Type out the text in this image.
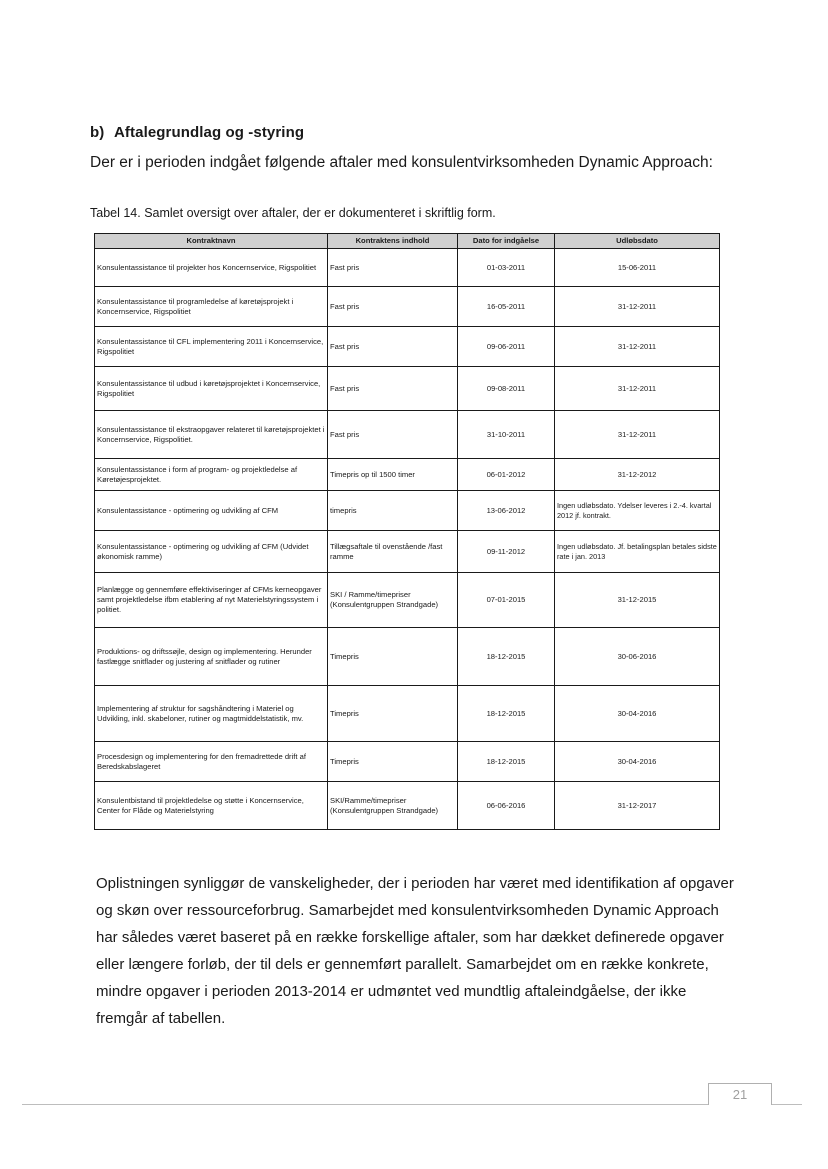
b) Aftalegrundlag og -styring
Der er i perioden indgået følgende aftaler med konsulentvirksomheden Dynamic Approach:
Tabel 14. Samlet oversigt over aftaler, der er dokumenteret i skriftlig form.
Kontraktnavn	Kontraktens indhold	Dato for indgåelse	Udløbsdato
Konsulentassistance til projekter hos Koncernservice, Rigspolitiet	Fast pris	01-03-2011	15-06-2011
Konsulentassistance til programledelse af køretøjsprojekt i Koncernservice, Rigspolitiet	Fast pris	16-05-2011	31-12-2011
Konsulentassistance til CFL implementering 2011 i Koncernservice, Rigspolitiet	Fast pris	09-06-2011	31-12-2011
Konsulentassistance til udbud i køretøjsprojektet i Koncernservice, Rigspolitiet	Fast pris	09-08-2011	31-12-2011
Konsulentassistance til ekstraopgaver relateret til køretøjsprojektet i Koncernservice, Rigspolitiet.	Fast pris	31-10-2011	31-12-2011
Konsulentassistance i form af program- og projektledelse af Køretøjesprojektet.	Timepris op til 1500 timer	06-01-2012	31-12-2012
Konsulentassistance - optimering og udvikling af CFM	timepris	13-06-2012	Ingen udløbsdato. Ydelser leveres i 2.-4. kvartal 2012 jf. kontrakt.
Konsulentassistance - optimering og udvikling af CFM (Udvidet økonomisk ramme)	Tillægsaftale til ovenstående /fast ramme	09-11-2012	Ingen udløbsdato. Jf. betalingsplan betales sidste rate i jan. 2013
Planlægge og gennemføre effektiviseringer af CFMs kerneopgaver samt projektledelse ifbm etablering af nyt Materielstyringssystem i politiet.	SKI / Ramme/timepriser (Konsulentgruppen Strandgade)	07-01-2015	31-12-2015
Produktions- og driftssøjle, design og implementering. Herunder fastlægge snitflader og justering af snitflader og rutiner	Timepris	18-12-2015	30-06-2016
Implementering af struktur for sagshåndtering i Materiel og Udvikling, inkl. skabeloner, rutiner og magtmiddelstatistik, mv.	Timepris	18-12-2015	30-04-2016
Procesdesign og implementering for den fremadrettede drift af Beredskabslageret	Timepris	18-12-2015	30-04-2016
Konsulentbistand til projektledelse og støtte i Koncernservice, Center for Flåde og Materielstyring	SKI/Ramme/timepriser (Konsulentgruppen Strandgade)	06-06-2016	31-12-2017
Oplistningen synliggør de vanskeligheder, der i perioden har været med identifikation af opgaver og skøn over ressourceforbrug. Samarbejdet med konsulentvirksomheden Dynamic Approach har således været baseret på en række forskellige aftaler, som har dækket definerede opgaver eller længere forløb, der til dels er gennemført parallelt. Samarbejdet om en række konkrete, mindre opgaver i perioden 2013-2014 er udmøntet ved mundtlig aftaleindgåelse, der ikke fremgår af tabellen.
21
